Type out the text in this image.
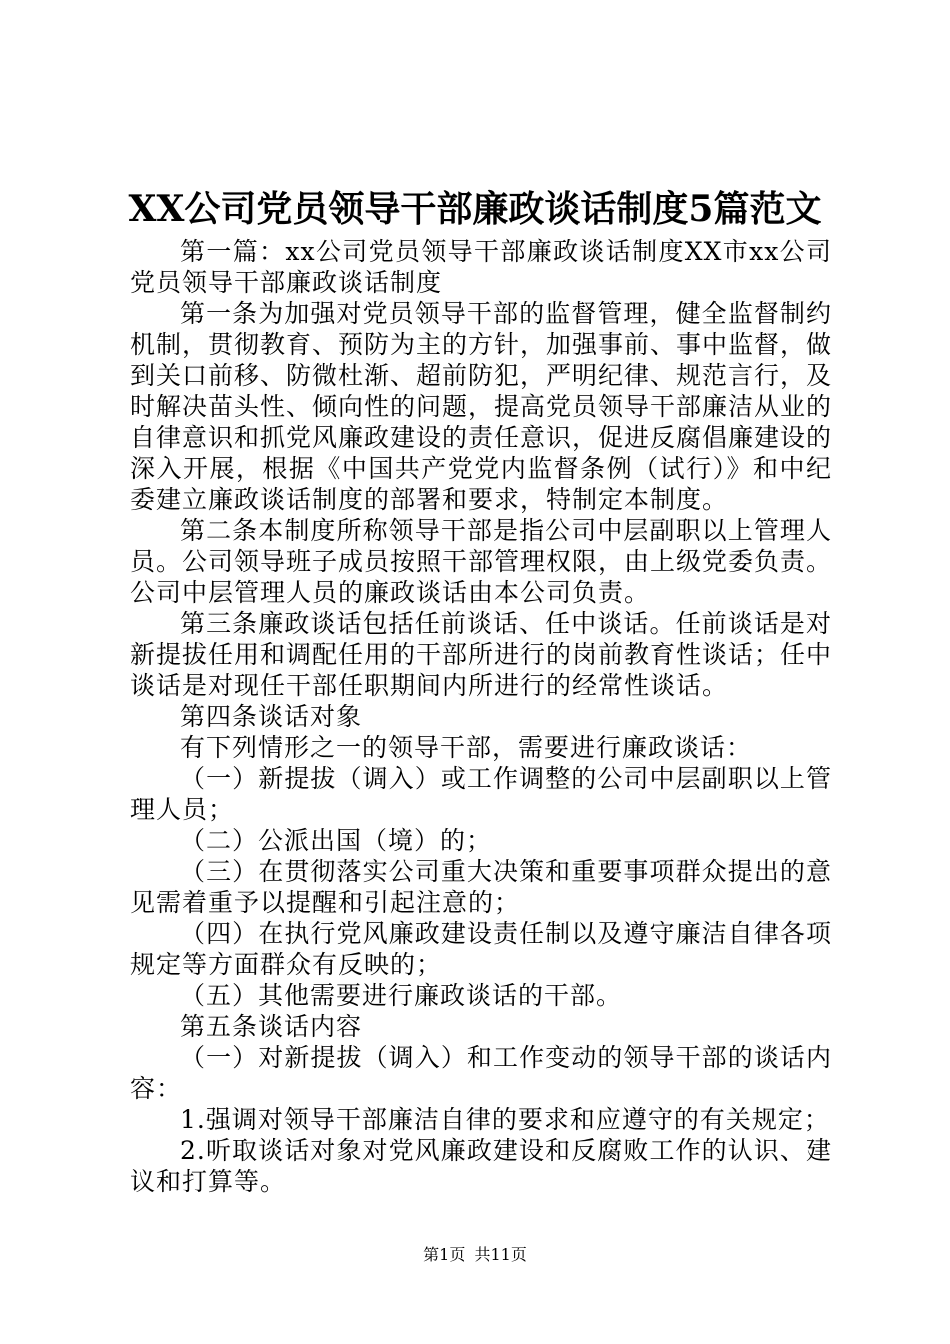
XX公司党员领导干部廉政谈话制度5篇范文

第一篇：xx公司党员领导干部廉政谈话制度XX市xx公司党员领导干部廉政谈话制度

第一条为加强对党员领导干部的监督管理，健全监督制约机制，贯彻教育、预防为主的方针，加强事前、事中监督，做到关口前移、防微杜渐、超前防犯，严明纪律、规范言行，及时解决苗头性、倾向性的问题，提高党员领导干部廉洁从业的自律意识和抓党风廉政建设的责任意识，促进反腐倡廉建设的深入开展，根据《中国共产党党内监督条例（试行）》和中纪委建立廉政谈话制度的部署和要求，特制定本制度。

第二条本制度所称领导干部是指公司中层副职以上管理人员。公司领导班子成员按照干部管理权限，由上级党委负责。公司中层管理人员的廉政谈话由本公司负责。

第三条廉政谈话包括任前谈话、任中谈话。任前谈话是对新提拔任用和调配任用的干部所进行的岗前教育性谈话；任中谈话是对现任干部任职期间内所进行的经常性谈话。

第四条谈话对象

有下列情形之一的领导干部，需要进行廉政谈话：

（一）新提拔（调入）或工作调整的公司中层副职以上管理人员；

（二）公派出国（境）的；

（三）在贯彻落实公司重大决策和重要事项群众提出的意见需着重予以提醒和引起注意的；

（四）在执行党风廉政建设责任制以及遵守廉洁自律各项规定等方面群众有反映的；

（五）其他需要进行廉政谈话的干部。

第五条谈话内容

（一）对新提拔（调入）和工作变动的领导干部的谈话内容：

1.强调对领导干部廉洁自律的要求和应遵守的有关规定；

2.听取谈话对象对党风廉政建设和反腐败工作的认识、建议和打算等。

第1页 共11页
